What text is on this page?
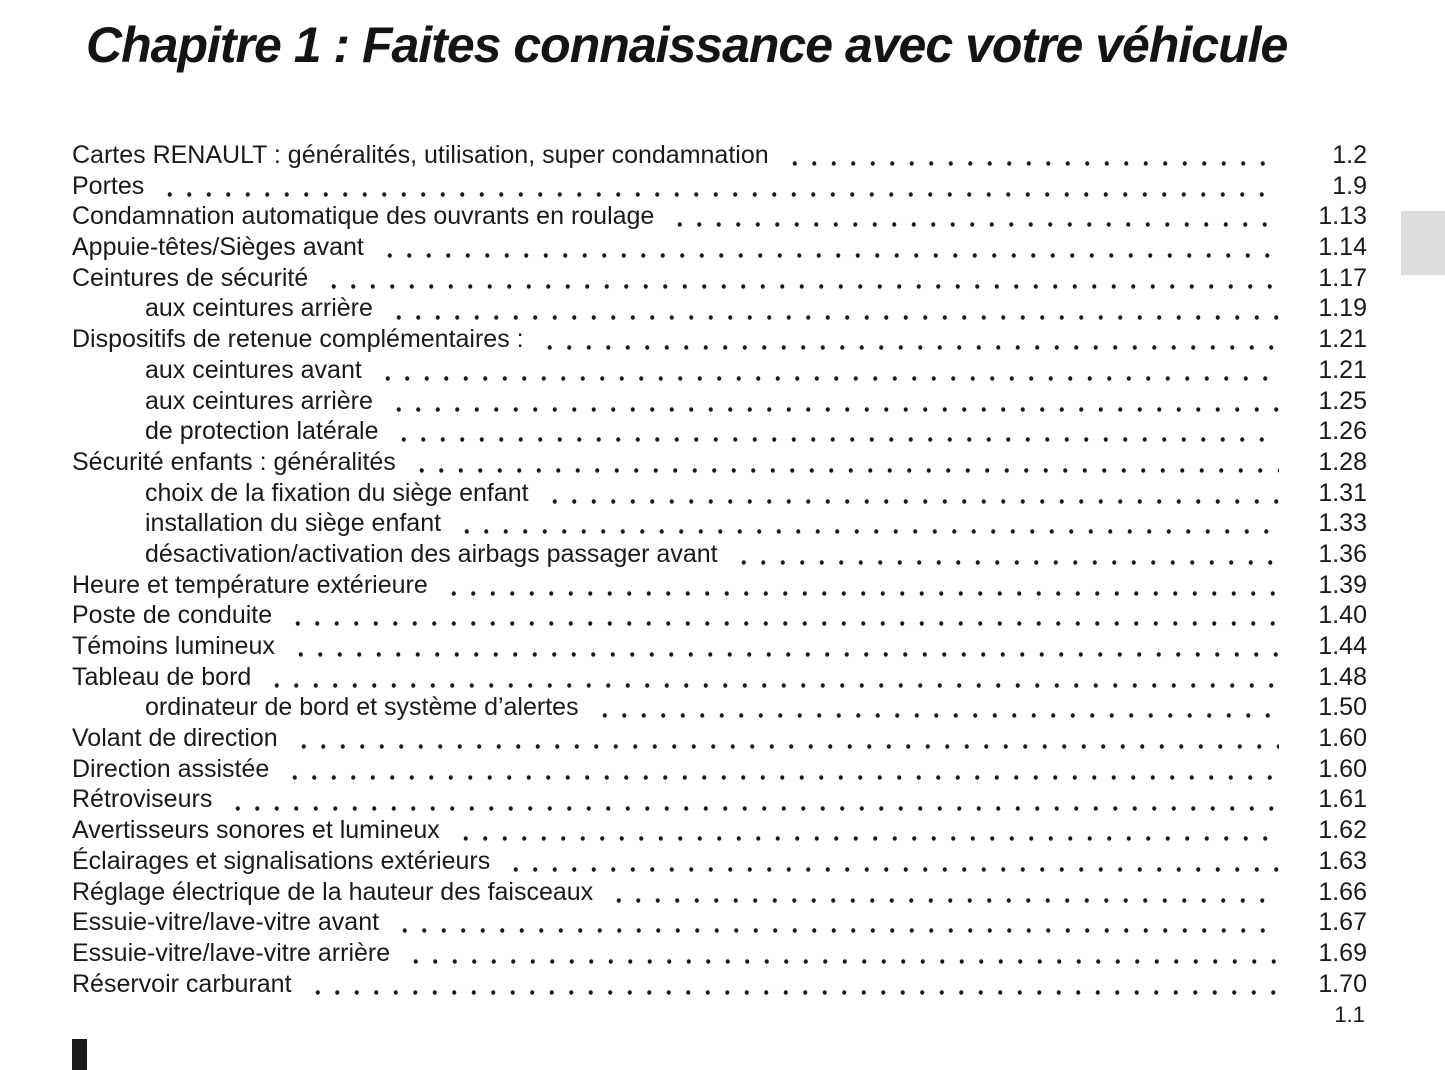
Chapitre 1 : Faites connaissance avec votre véhicule
Cartes RENAULT : généralités, utilisation, super condamnation	1.2
Portes	1.9
Condamnation automatique des ouvrants en roulage	1.13
Appuie-têtes/Sièges avant	1.14
Ceintures de sécurité	1.17
aux ceintures arrière	1.19
Dispositifs de retenue complémentaires :	1.21
aux ceintures avant	1.21
aux ceintures arrière	1.25
de protection latérale	1.26
Sécurité enfants : généralités	1.28
choix de la fixation du siège enfant	1.31
installation du siège enfant	1.33
désactivation/activation des airbags passager avant	1.36
Heure et température extérieure	1.39
Poste de conduite	1.40
Témoins lumineux	1.44
Tableau de bord	1.48
ordinateur de bord et système d’alertes	1.50
Volant de direction	1.60
Direction assistée	1.60
Rétroviseurs	1.61
Avertisseurs sonores et lumineux	1.62
Éclairages et signalisations extérieurs	1.63
Réglage électrique de la hauteur des faisceaux	1.66
Essuie-vitre/lave-vitre avant	1.67
Essuie-vitre/lave-vitre arrière	1.69
Réservoir carburant	1.70
1.1
